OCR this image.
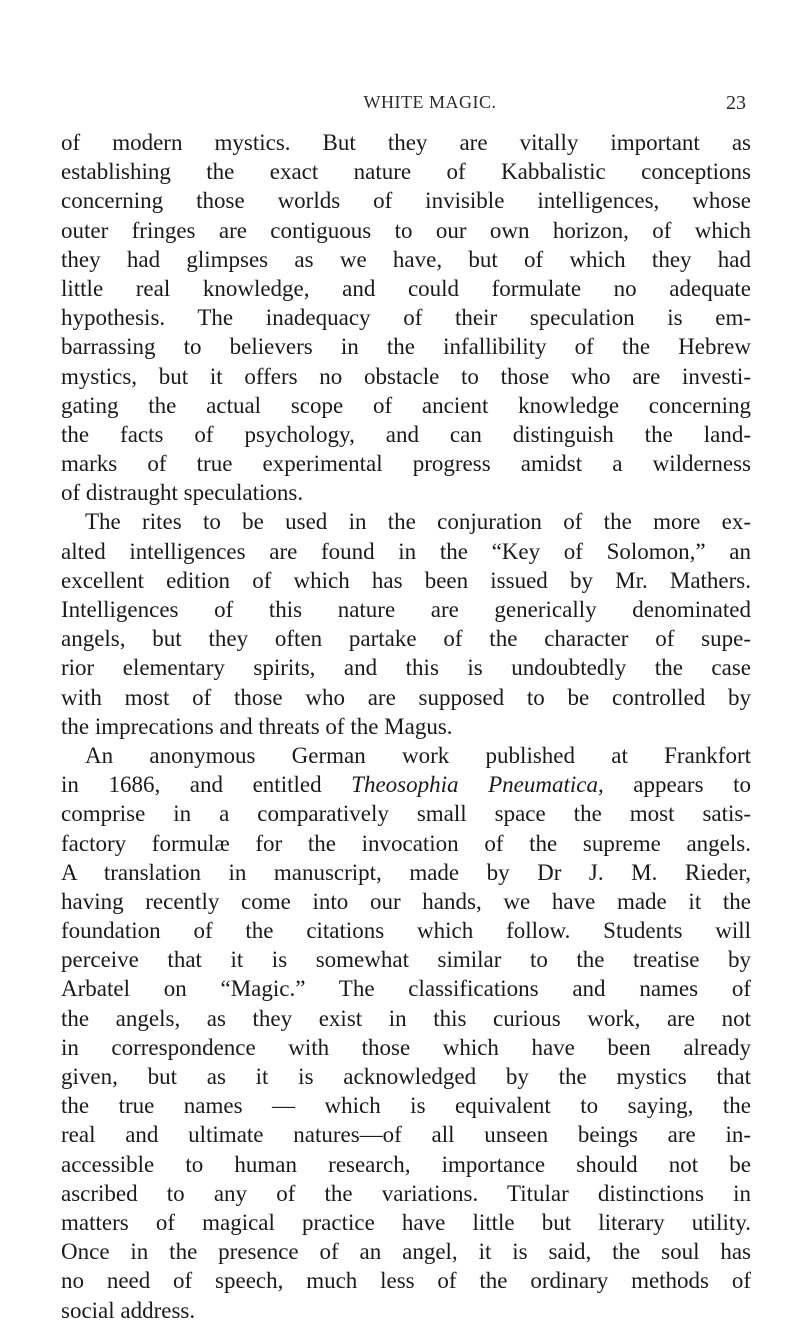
WHITE MAGIC.	23
of modern mystics. But they are vitally important as
establishing the exact nature of Kabbalistic conceptions
concerning those worlds of invisible intelligences, whose
outer fringes are contiguous to our own horizon, of which
they had glimpses as we have, but of which they had
little real knowledge, and could formulate no adequate
hypothesis. The inadequacy of their speculation is em-
barrassing to believers in the infallibility of the Hebrew
mystics, but it offers no obstacle to those who are investi-
gating the actual scope of ancient knowledge concerning
the facts of psychology, and can distinguish the land-
marks of true experimental progress amidst a wilderness
of distraught speculations.
The rites to be used in the conjuration of the more ex-
alted intelligences are found in the “Key of Solomon,” an
excellent edition of which has been issued by Mr. Mathers.
Intelligences of this nature are generically denominated
angels, but they often partake of the character of supe-
rior elementary spirits, and this is undoubtedly the case
with most of those who are supposed to be controlled by
the imprecations and threats of the Magus.
An anonymous German work published at Frankfort
in 1686, and entitled Theosophia Pneumatica, appears to
comprise in a comparatively small space the most satis-
factory formulæ for the invocation of the supreme angels.
A translation in manuscript, made by Dr J. M. Rieder,
having recently come into our hands, we have made it the
foundation of the citations which follow. Students will
perceive that it is somewhat similar to the treatise by
Arbatel on “Magic.” The classifications and names of
the angels, as they exist in this curious work, are not
in correspondence with those which have been already
given, but as it is acknowledged by the mystics that
the true names — which is equivalent to saying, the
real and ultimate natures—of all unseen beings are in-
accessible to human research, importance should not be
ascribed to any of the variations. Titular distinctions in
matters of magical practice have little but literary utility.
Once in the presence of an angel, it is said, the soul has
no need of speech, much less of the ordinary methods of
social address.
